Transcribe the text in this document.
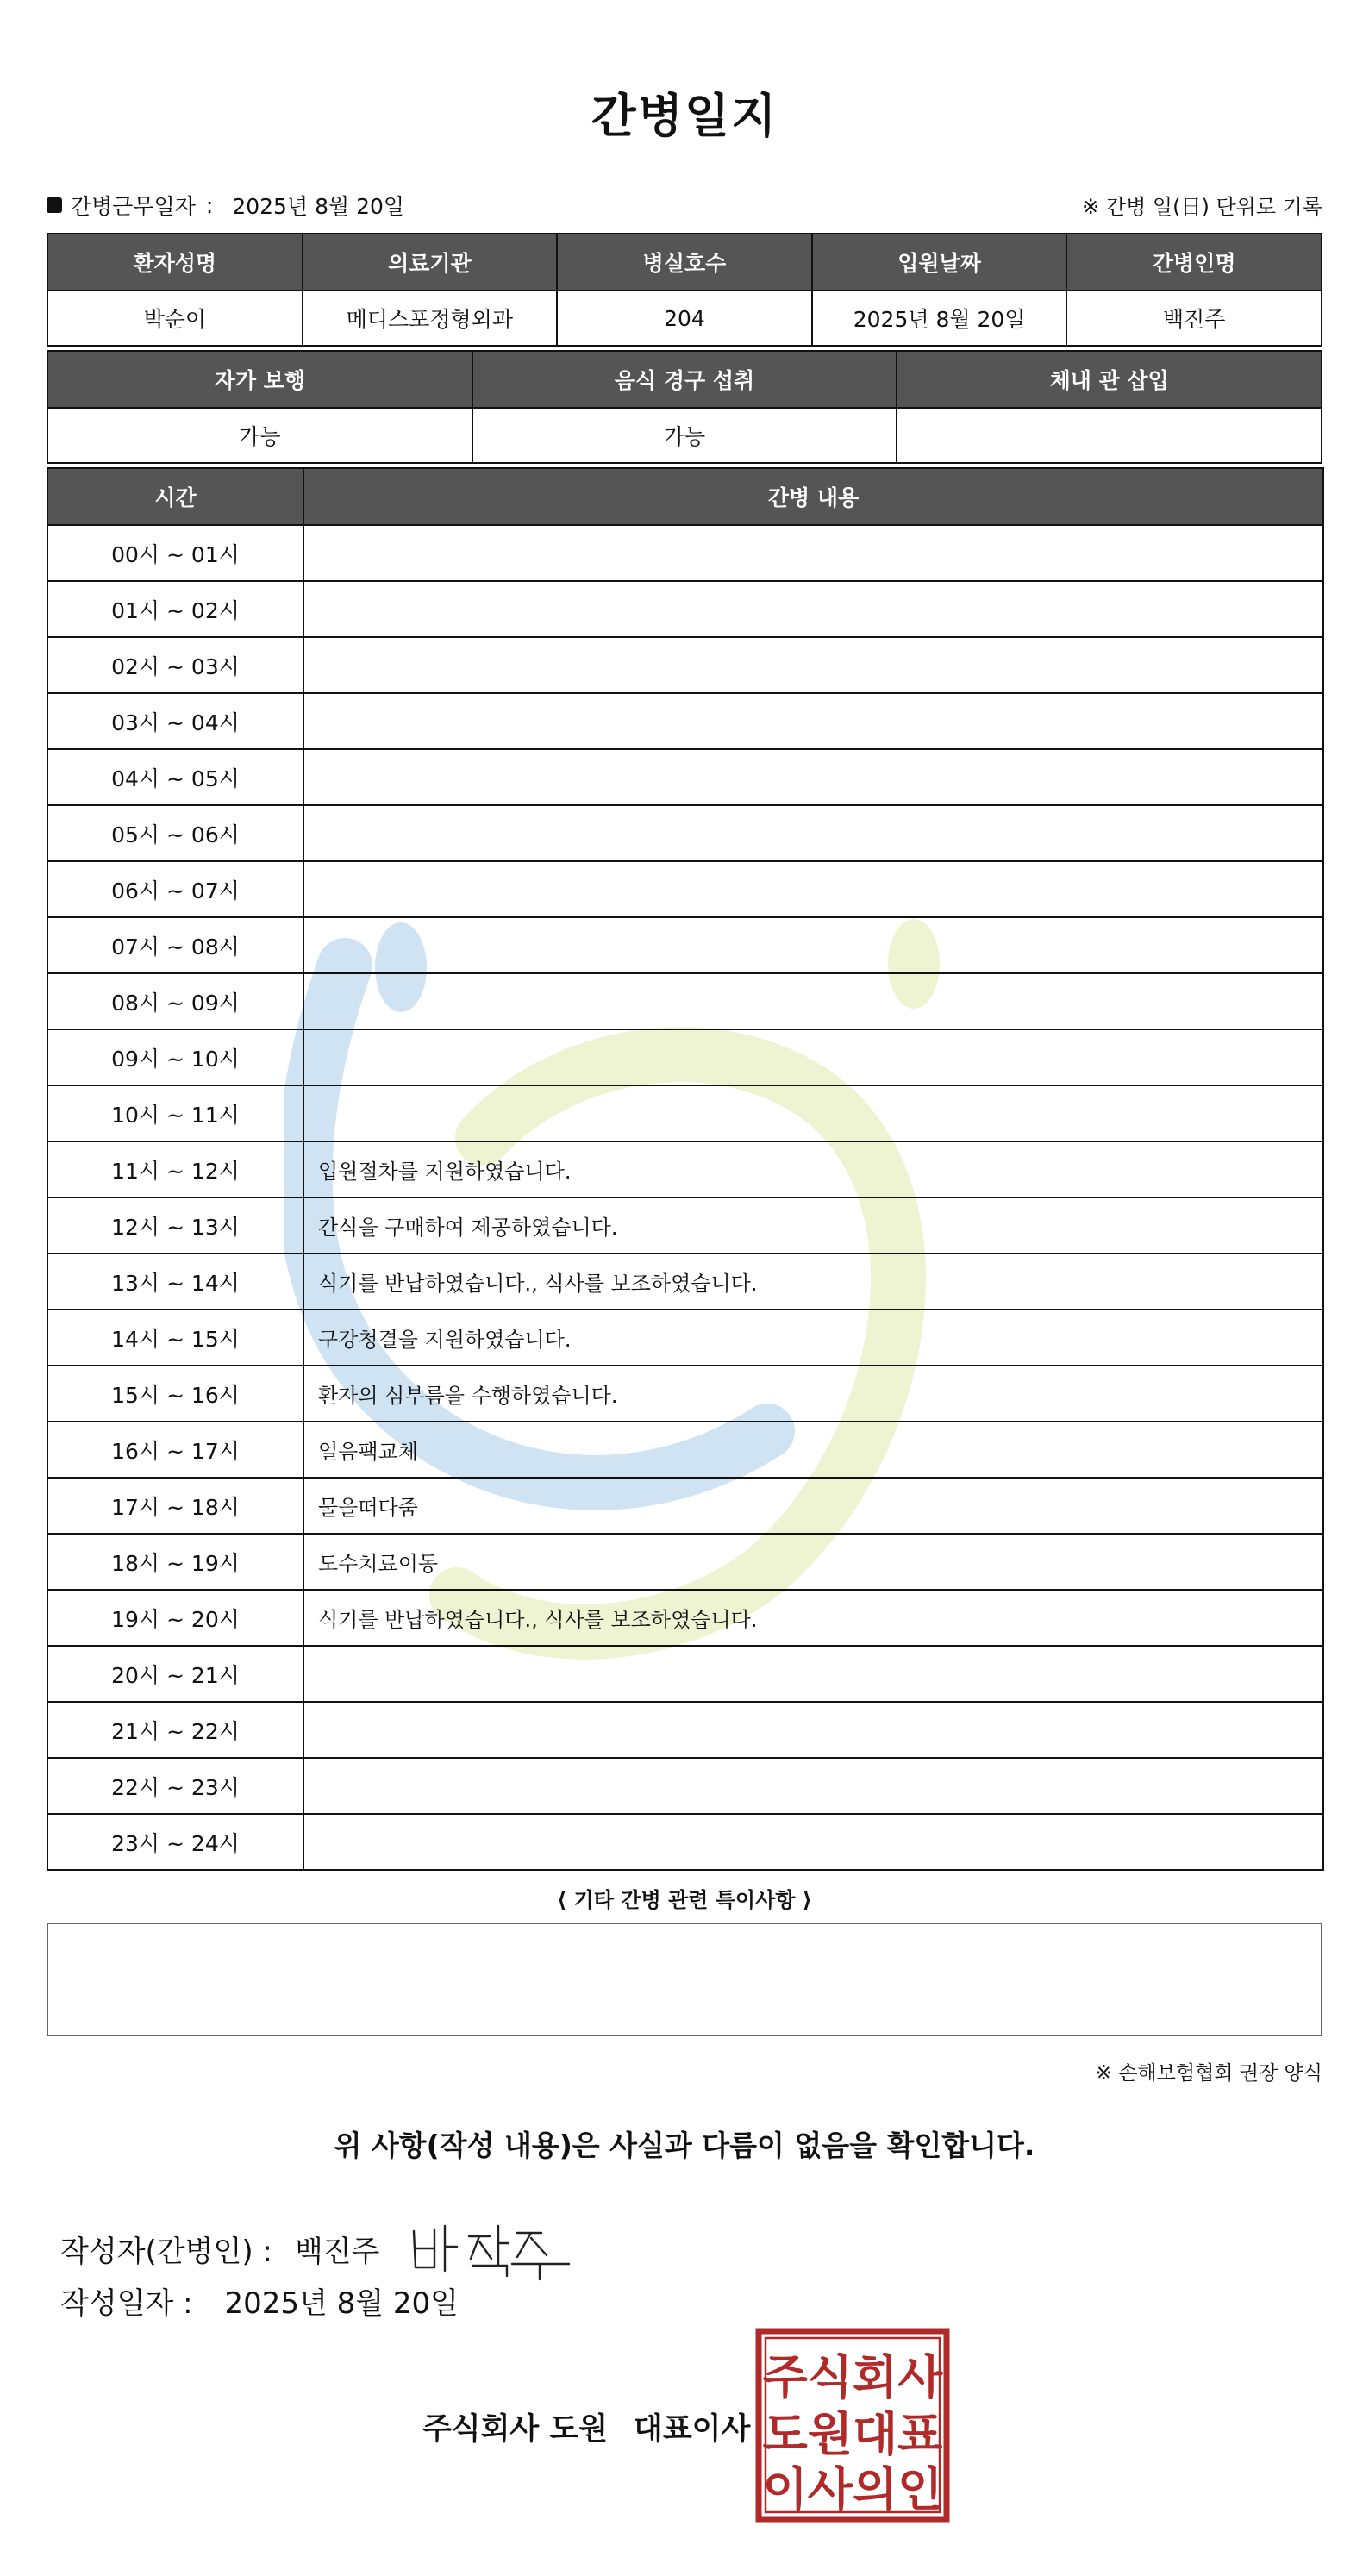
간병일지
간병근무일자 : 2025년 8월 20일	※ 간병 일(日) 단위로 기록
환자성명	의료기관	병실호수	입원날짜	간병인명
박순이	메디스포정형외과	204	2025년 8월 20일	백진주
자가 보행	음식 경구 섭취	체내 관 삽입
가능	가능	
시간	간병 내용
00시 ~ 01시	
01시 ~ 02시	
02시 ~ 03시	
03시 ~ 04시	
04시 ~ 05시	
05시 ~ 06시	
06시 ~ 07시	
07시 ~ 08시	
08시 ~ 09시	
09시 ~ 10시	
10시 ~ 11시	
11시 ~ 12시	입원절차를 지원하였습니다.
12시 ~ 13시	간식을 구매하여 제공하였습니다.
13시 ~ 14시	식기를 반납하였습니다., 식사를 보조하였습니다.
14시 ~ 15시	구강청결을 지원하였습니다.
15시 ~ 16시	환자의 심부름을 수행하였습니다.
16시 ~ 17시	얼음팩교체
17시 ~ 18시	물을떠다줌
18시 ~ 19시	도수치료이동
19시 ~ 20시	식기를 반납하였습니다., 식사를 보조하였습니다.
20시 ~ 21시	
21시 ~ 22시	
22시 ~ 23시	
23시 ~ 24시	
⟨ 기타 간병 관련 특이사항 ⟩
※ 손해보험협회 권장 양식
위 사항(작성 내용)은 사실과 다름이 없음을 확인합니다.
작성자(간병인) : 백진주
작성일자 : 2025년 8월 20일
주식회사 도원 대표이사
주식회사
도원대표
이사의인
